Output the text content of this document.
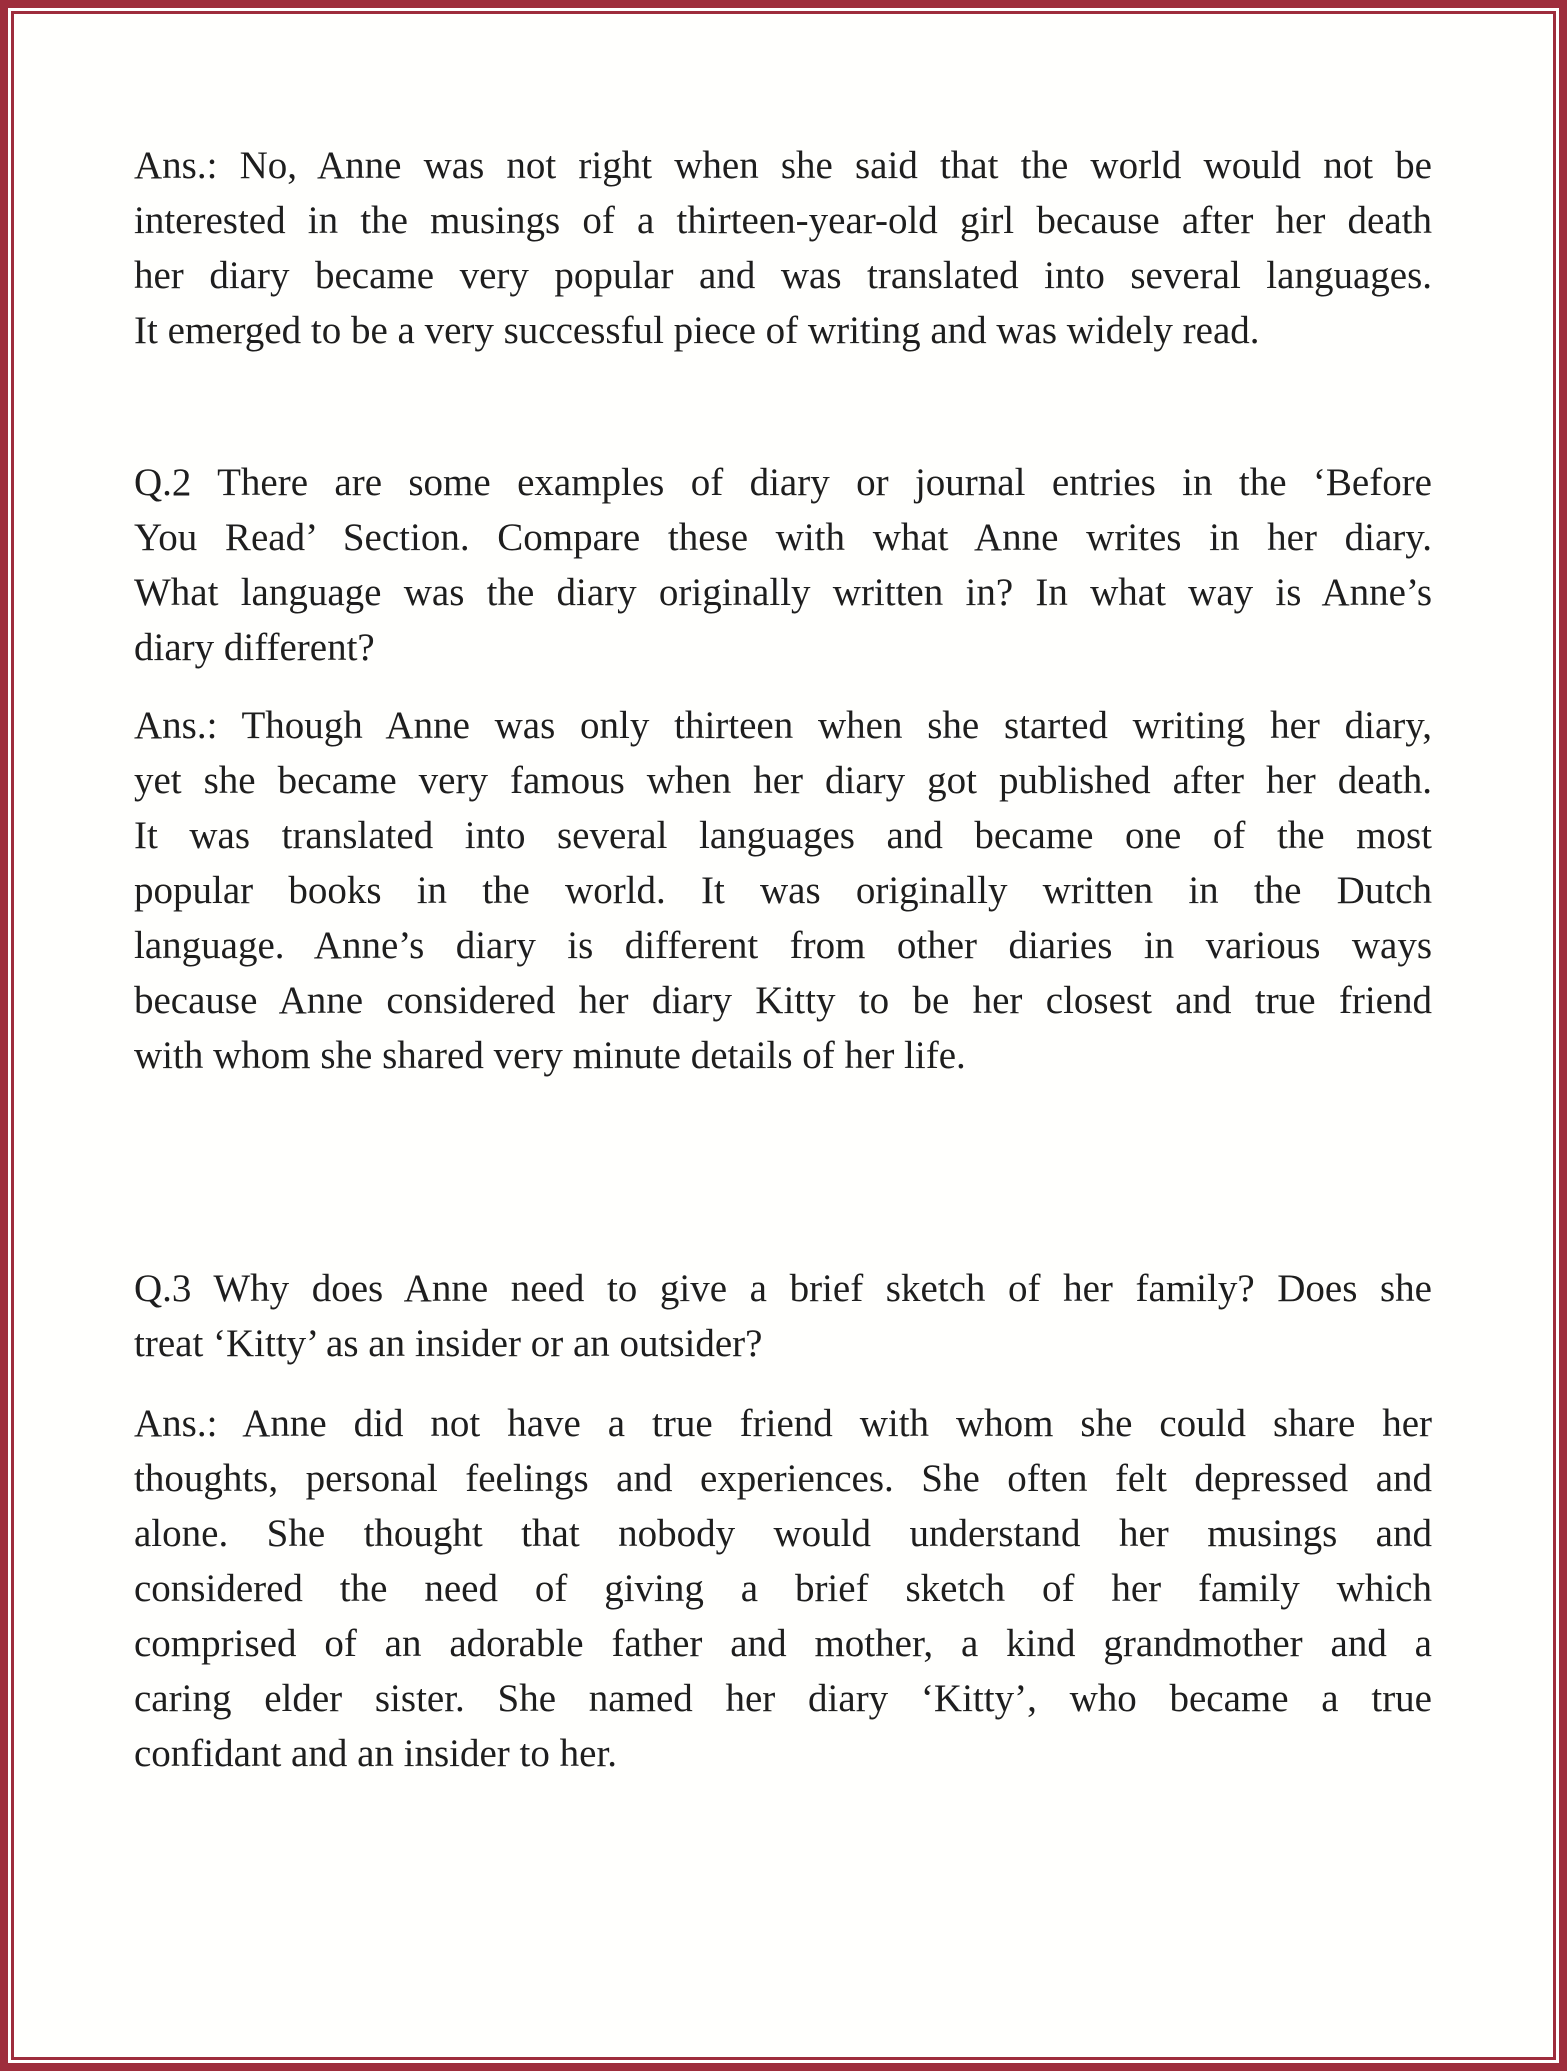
Ans.: No, Anne was not right when she said that the world would not be
interested in the musings of a thirteen-year-old girl because after her death
her diary became very popular and was translated into several languages.
It emerged to be a very successful piece of writing and was widely read.
Q.2 There are some examples of diary or journal entries in the ‘Before
You Read’ Section. Compare these with what Anne writes in her diary.
What language was the diary originally written in? In what way is Anne’s
diary different?
Ans.: Though Anne was only thirteen when she started writing her diary,
yet she became very famous when her diary got published after her death.
It was translated into several languages and became one of the most
popular books in the world. It was originally written in the Dutch
language. Anne’s diary is different from other diaries in various ways
because Anne considered her diary Kitty to be her closest and true friend
with whom she shared very minute details of her life.
Q.3 Why does Anne need to give a brief sketch of her family? Does she
treat ‘Kitty’ as an insider or an outsider?
Ans.: Anne did not have a true friend with whom she could share her
thoughts, personal feelings and experiences. She often felt depressed and
alone. She thought that nobody would understand her musings and
considered the need of giving a brief sketch of her family which
comprised of an adorable father and mother, a kind grandmother and a
caring elder sister. She named her diary ‘Kitty’, who became a true
confidant and an insider to her.
